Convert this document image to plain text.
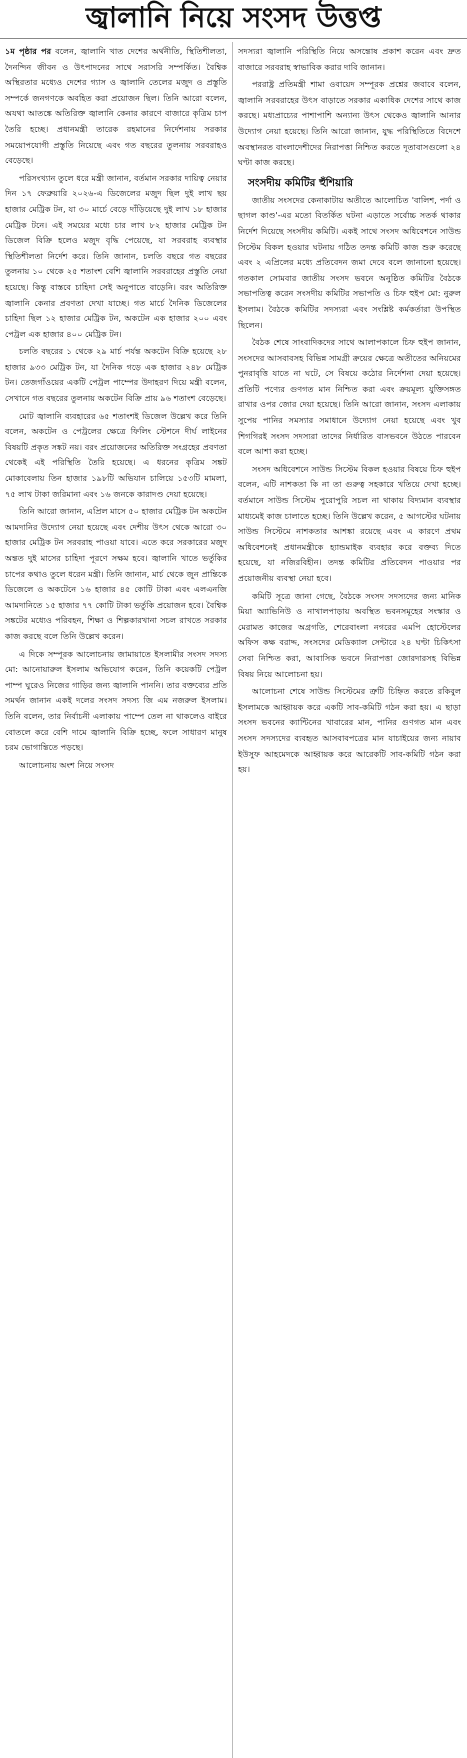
জ্বালানি নিয়ে সংসদ উত্তপ্ত

১ম পৃষ্ঠার পর বলেন, জ্বালানি খাত দেশের অর্থনীতি, স্থিতিশীলতা, দৈনন্দিন জীবন ও উৎপাদনের সাথে সরাসরি সম্পর্কিত। বৈশ্বিক অস্থিরতার মধ্যেও দেশের গ্যাস ও জ্বালানি তেলের মজুদ ও প্রস্তুতি সম্পর্কে জনগণকে অবহিত করা প্রয়োজন ছিল। তিনি আরো বলেন, অযথা আতঙ্কে অতিরিক্ত জ্বালানি কেনার কারণে বাজারে কৃত্রিম চাপ তৈরি হচ্ছে। প্রধানমন্ত্রী তারেক রহমানের নির্দেশনায় সরকার সময়োপযোগী প্রস্তুতি নিয়েছে এবং গত বছরের তুলনায় সরবরাহও বেড়েছে।

পরিসংখ্যান তুলে ধরে মন্ত্রী জানান, বর্তমান সরকার দায়িত্ব নেয়ার দিন ১৭ ফেব্রুয়ারি ২০২৬-এ ডিজেলের মজুদ ছিল দুই লাখ ছয় হাজার মেট্রিক টন, যা ৩০ মার্চে বেড়ে দাঁড়িয়েছে দুই লাখ ১৮ হাজার মেট্রিক টনে। এই সময়ের মধ্যে চার লাখ ৮২ হাজার মেট্রিক টন ডিজেল বিক্রি হলেও মজুদ বৃদ্ধি পেয়েছে, যা সরবরাহ ব্যবস্থার স্থিতিশীলতা নির্দেশ করে। তিনি জানান, চলতি বছরে গত বছরের তুলনায় ১০ থেকে ২৫ শতাংশ বেশি জ্বালানি সরবরাহের প্রস্তুতি নেয়া হয়েছে। কিন্তু বাস্তবে চাহিদা সেই অনুপাতে বাড়েনি। বরং অতিরিক্ত জ্বালানি কেনার প্রবণতা দেখা যাচ্ছে। গত মার্চে দৈনিক ডিজেলের চাহিদা ছিল ১২ হাজার মেট্রিক টন, অকটেন এক হাজার ২০০ এবং পেট্রল এক হাজার ৪০০ মেট্রিক টন।

চলতি বছরের ১ থেকে ২৯ মার্চ পর্যন্ত অকটেন বিক্রি হয়েছে ২৮ হাজার ৯৩৩ মেট্রিক টন, যা দৈনিক গড়ে এক হাজার ২৪৮ মেট্রিক টন। তেজগাঁওয়ের একটি পেট্রল পাম্পের উদাহরণ দিয়ে মন্ত্রী বলেন, সেখানে গত বছরের তুলনায় অকটেন বিক্রি প্রায় ৯৬ শতাংশ বেড়েছে।

মোট জ্বালানি ব্যবহারের ৬৫ শতাংশই ডিজেল উল্লেখ করে তিনি বলেন, অকটেন ও পেট্রলের ক্ষেত্রে ফিলিং স্টেশনে দীর্ঘ লাইনের বিষয়টি প্রকৃত সঙ্কট নয়। বরং প্রয়োজনের অতিরিক্ত সংগ্রহের প্রবণতা থেকেই এই পরিস্থিতি তৈরি হয়েছে। এ ধরনের কৃত্রিম সঙ্কট মোকাবেলায় তিন হাজার ১৯৮টি অভিযান চালিয়ে ১৫৩টি মামলা, ৭৫ লাখ টাকা জরিমানা এবং ১৬ জনকে কারাদণ্ড দেয়া হয়েছে।

তিনি আরো জানান, এপ্রিল মাসে ৫০ হাজার মেট্রিক টন অকটেন আমদানির উদ্যোগ নেয়া হয়েছে এবং দেশীয় উৎস থেকে আরো ৩০ হাজার মেট্রিক টন সরবরাহ পাওয়া যাবে। এতে করে সরকারের মজুদ অন্তত দুই মাসের চাহিদা পূরণে সক্ষম হবে। জ্বালানি খাতে ভর্তুকির চাপের কথাও তুলে ধরেন মন্ত্রী। তিনি জানান, মার্চ থেকে জুন প্রান্তিকে ডিজেলে ও অকটেনে ১৬ হাজার ৪৫ কোটি টাকা এবং এলএনজি আমদানিতে ১৫ হাজার ৭৭ কোটি টাকা ভর্তুকি প্রয়োজন হবে। বৈশ্বিক সঙ্কটের মধ্যেও পরিবহন, শিক্ষা ও শিল্পকারখানা সচল রাখতে সরকার কাজ করছে বলে তিনি উল্লেখ করেন।

এ দিকে সম্পূরক আলোচনায় জামায়াতে ইসলামীর সংসদ সদস্য মো: আনোয়ারুল ইসলাম অভিযোগ করেন, তিনি কয়েকটি পেট্রল পাম্প ঘুরেও নিজের গাড়ির জন্য জ্বালানি পাননি। তার বক্তব্যের প্রতি সমর্থন জানান একই দলের সংসদ সদস্য জি এম নজরুল ইসলাম। তিনি বলেন, তার নির্বাচনী এলাকায় পাম্পে তেল না থাকলেও বাইরে বোতলে করে বেশি দামে জ্বালানি বিক্রি হচ্ছে, ফলে সাধারণ মানুষ চরম ভোগান্তিতে পড়ছে।

আলোচনায় অংশ নিয়ে সংসদ

সদস্যরা জ্বালানি পরিস্থিতি নিয়ে অসন্তোষ প্রকাশ করেন এবং দ্রুত বাজারে সরবরাহ স্বাভাবিক করার দাবি জানান।

পররাষ্ট্র প্রতিমন্ত্রী শামা ওবায়েদ সম্পূরক প্রশ্নের জবাবে বলেন, জ্বালানি সরবরাহের উৎস বাড়াতে সরকার একাধিক দেশের সাথে কাজ করছে। মধ্যপ্রাচ্যের পাশাপাশি অন্যান্য উৎস থেকেও জ্বালানি আনার উদ্যোগ নেয়া হয়েছে। তিনি আরো জানান, যুদ্ধ পরিস্থিতিতে বিদেশে অবস্থানরত বাংলাদেশীদের নিরাপত্তা নিশ্চিত করতে দূতাবাসগুলো ২৪ ঘণ্টা কাজ করছে।

সংসদীয় কমিটির হুঁশিয়ারি

জাতীয় সংসদের কেনাকাটায় অতীতে আলোচিত 'বালিশ, পর্দা ও ছাগল কাণ্ড'-এর মতো বিতর্কিত ঘটনা এড়াতে সর্বোচ্চ সতর্ক থাকার নির্দেশ দিয়েছে সংসদীয় কমিটি। একই সাথে সংসদ অধিবেশনে সাউন্ড সিস্টেম বিকল হওয়ার ঘটনায় গঠিত তদন্ত কমিটি কাজ শুরু করেছে এবং ২ এপ্রিলের মধ্যে প্রতিবেদন জমা দেবে বলে জানানো হয়েছে। গতকাল সোমবার জাতীয় সংসদ ভবনে অনুষ্ঠিত কমিটির বৈঠকে সভাপতিত্ব করেন সংসদীয় কমিটির সভাপতি ও চিফ হুইপ মো: নুরুল ইসলাম। বৈঠকে কমিটির সদস্যরা এবং সংশ্লিষ্ট কর্মকর্তারা উপস্থিত ছিলেন।

বৈঠক শেষে সাংবাদিকদের সাথে আলাপকালে চিফ হুইপ জানান, সংসদের আসবাবসহ বিভিন্ন সামগ্রী ক্রয়ের ক্ষেত্রে অতীতের অনিয়মের পুনরাবৃত্তি যাতে না ঘটে, সে বিষয়ে কঠোর নির্দেশনা দেয়া হয়েছে। প্রতিটি পণ্যের গুণগত মান নিশ্চিত করা এবং ক্রয়মূল্য যুক্তিসঙ্গত রাখার ওপর জোর দেয়া হয়েছে। তিনি আরো জানান, সংসদ এলাকায় সুপেয় পানির সমস্যার সমাধানে উদ্যোগ নেয়া হয়েছে এবং খুব শিগগিরই সংসদ সদস্যরা তাদের নির্ধারিত বাসভবনে উঠতে পারবেন বলে আশা করা হচ্ছে।

সংসদ অধিবেশনে সাউন্ড সিস্টেম বিকল হওয়ার বিষয়ে চিফ হুইপ বলেন, এটি নাশকতা কি না তা গুরুত্ব সহকারে খতিয়ে দেখা হচ্ছে। বর্তমানে সাউন্ড সিস্টেম পুরোপুরি সচল না থাকায় বিদ্যমান ব্যবস্থার মাধ্যমেই কাজ চালাতে হচ্ছে। তিনি উল্লেখ করেন, ৫ আগস্টের ঘটনায় সাউন্ড সিস্টেমে নাশকতার আশঙ্কা রয়েছে এবং এ কারণে প্রথম অধিবেশনেই প্রধানমন্ত্রীকে হ্যান্ডমাইক ব্যবহার করে বক্তব্য দিতে হয়েছে, যা নজিরবিহীন। তদন্ত কমিটির প্রতিবেদন পাওয়ার পর প্রয়োজনীয় ব্যবস্থা নেয়া হবে।

কমিটি সূত্রে জানা গেছে, বৈঠকে সংসদ সদস্যদের জন্য মানিক মিয়া অ্যাভিনিউ ও নাখালপাড়ায় অবস্থিত ভবনসমূহের সংস্কার ও মেরামত কাজের অগ্রগতি, শেরেবাংলা নগরের এমপি হোস্টেলের অফিস কক্ষ বরাদ্দ, সংসদের মেডিক্যাল সেন্টারে ২৪ ঘণ্টা চিকিৎসা সেবা নিশ্চিত করা, আবাসিক ভবনে নিরাপত্তা জোরদারসহ বিভিন্ন বিষয় নিয়ে আলোচনা হয়।

আলোচনা শেষে সাউন্ড সিস্টেমের ত্রুটি চিহ্নিত করতে রকিবুল ইসলামকে আহ্বায়ক করে একটি সাব-কমিটি গঠন করা হয়। এ ছাড়া সংসদ ভবনের ক্যান্টিনের খাবারের মান, পানির গুণগত মান এবং সংসদ সদস্যদের ব্যবহৃত আসবাবপত্রের মান যাচাইয়ের জন্য নায়াব ইউসুফ আহমেদকে আহ্বায়ক করে আরেকটি সাব-কমিটি গঠন করা হয়।
